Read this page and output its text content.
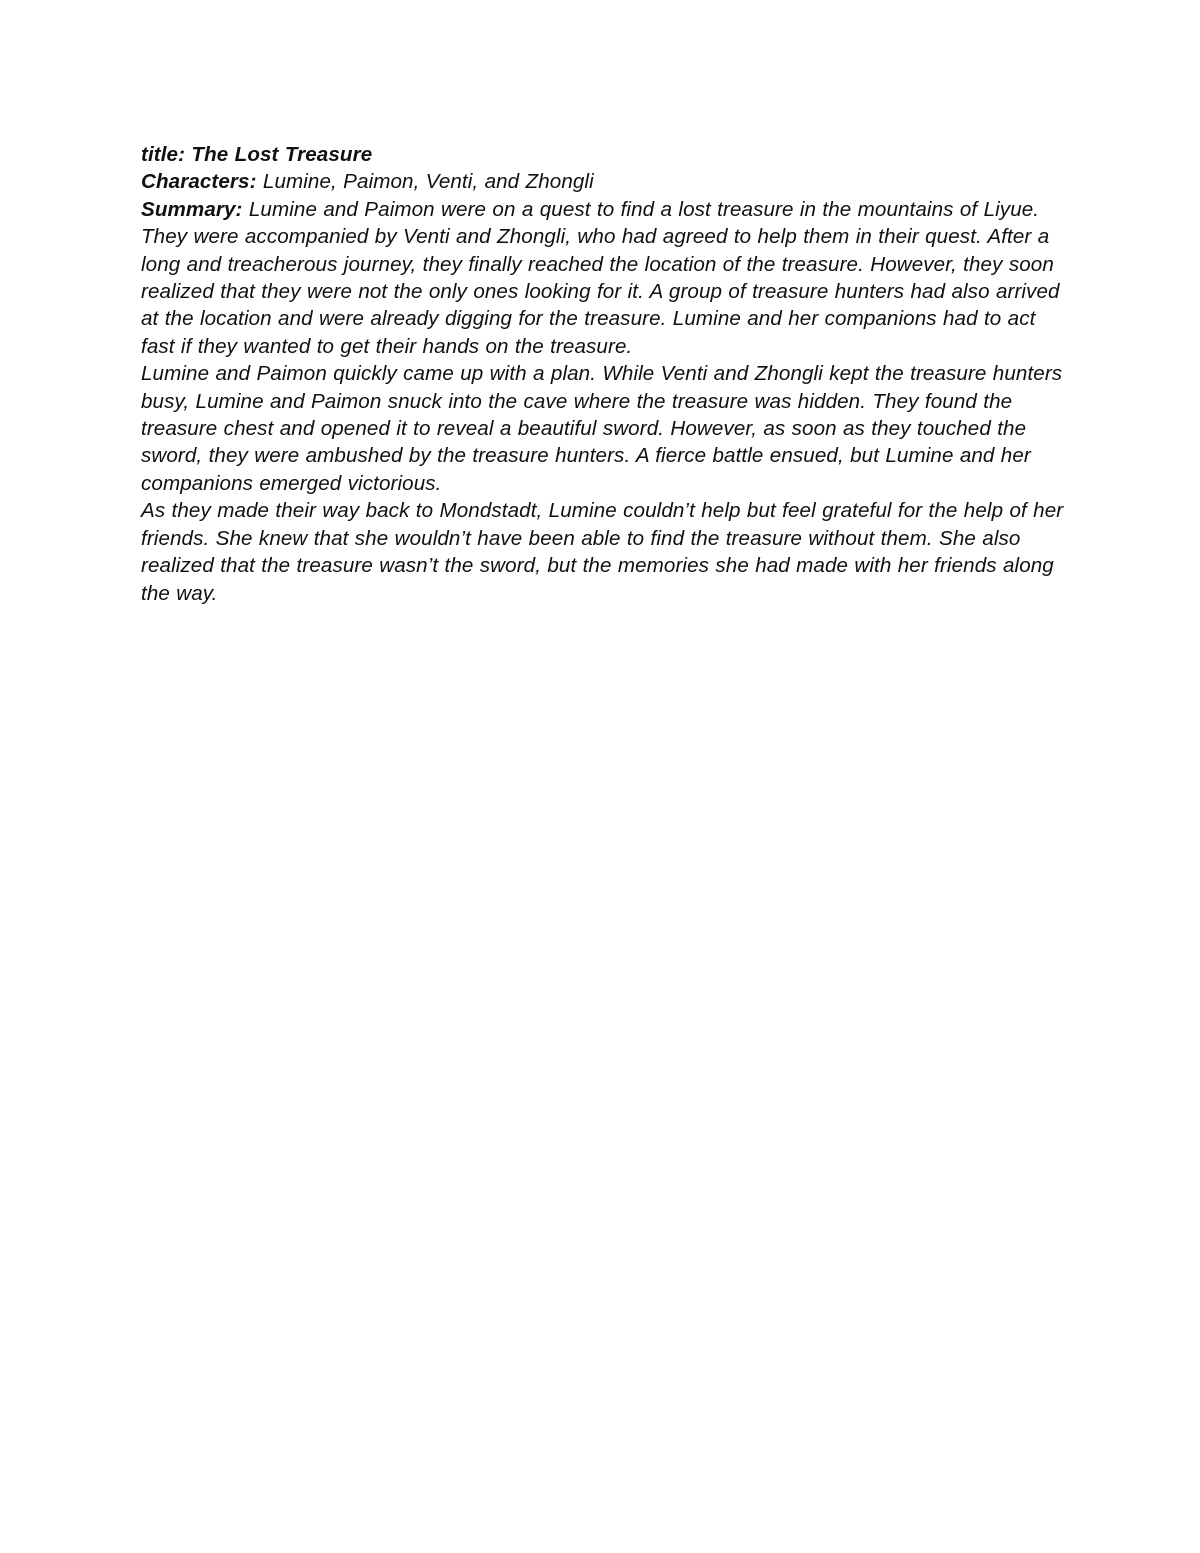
title: The Lost Treasure

Characters: Lumine, Paimon, Venti, and Zhongli

Summary: Lumine and Paimon were on a quest to find a lost treasure in the mountains of Liyue. They were accompanied by Venti and Zhongli, who had agreed to help them in their quest. After a long and treacherous journey, they finally reached the location of the treasure. However, they soon realized that they were not the only ones looking for it. A group of treasure hunters had also arrived at the location and were already digging for the treasure. Lumine and her companions had to act fast if they wanted to get their hands on the treasure.

Lumine and Paimon quickly came up with a plan. While Venti and Zhongli kept the treasure hunters busy, Lumine and Paimon snuck into the cave where the treasure was hidden. They found the treasure chest and opened it to reveal a beautiful sword. However, as soon as they touched the sword, they were ambushed by the treasure hunters. A fierce battle ensued, but Lumine and her companions emerged victorious.

As they made their way back to Mondstadt, Lumine couldn’t help but feel grateful for the help of her friends. She knew that she wouldn’t have been able to find the treasure without them. She also realized that the treasure wasn’t the sword, but the memories she had made with her friends along the way.
